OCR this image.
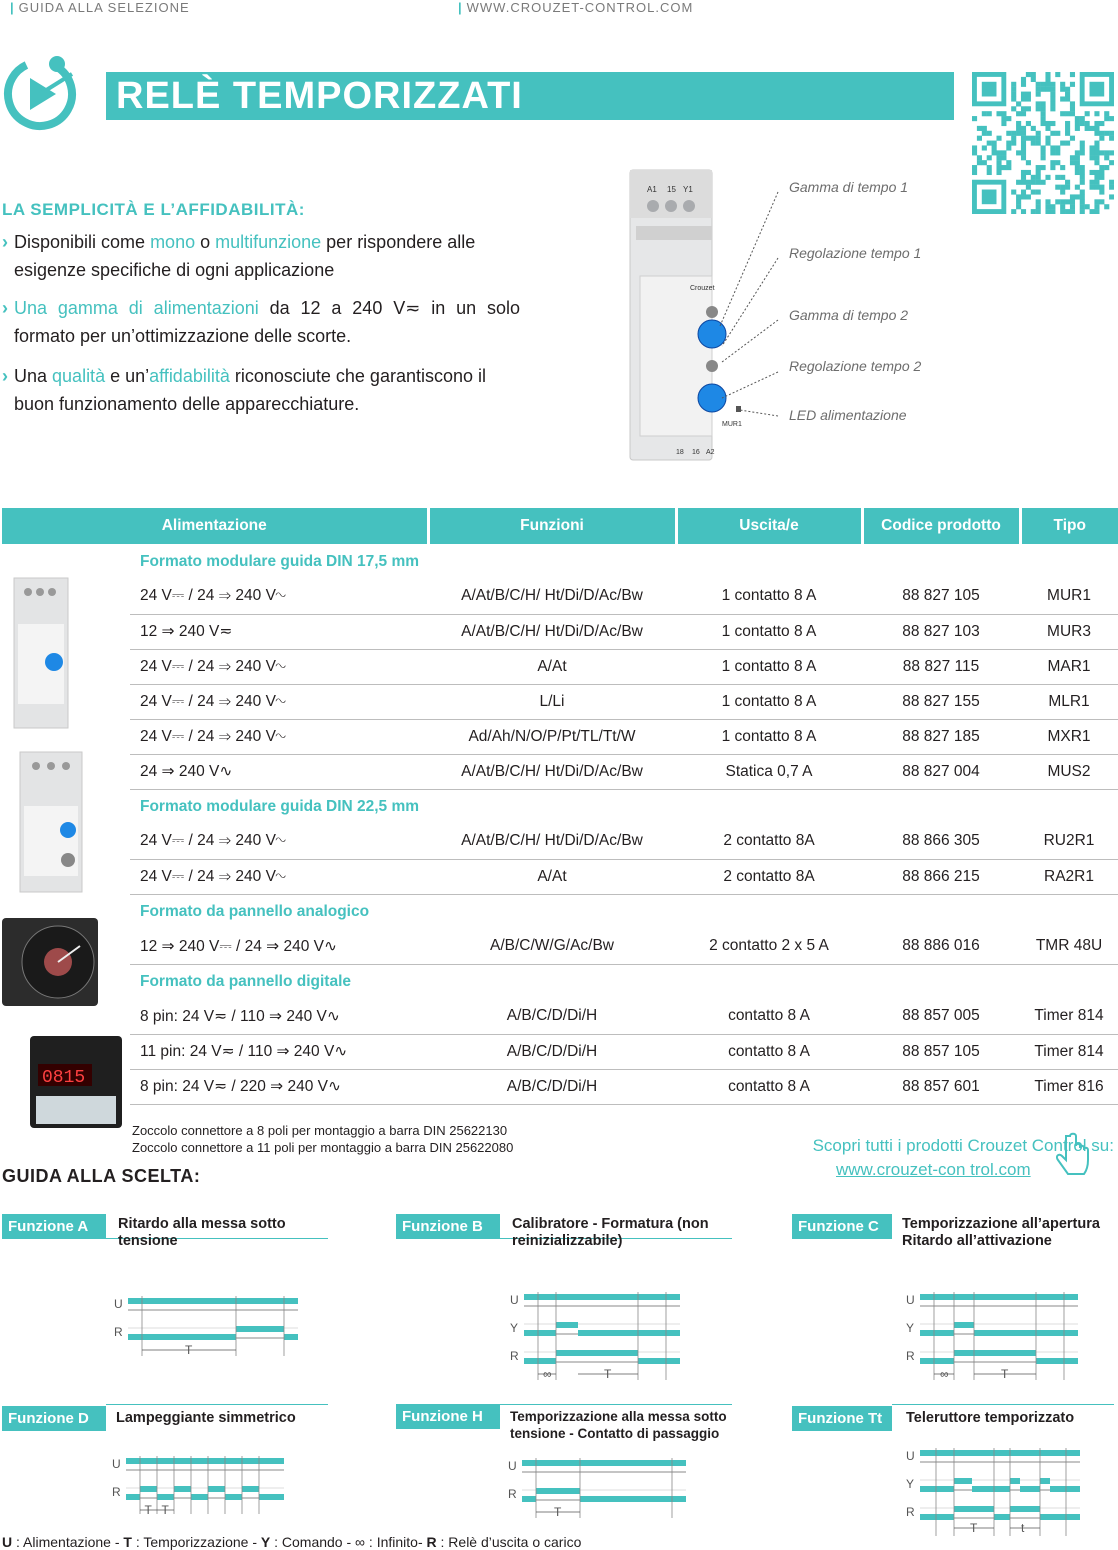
| GUIDA ALLA SELEZIONE	| WWW.CROUZET-CONTROL.COM
RELÈ TEMPORIZZATI
LA SEMPLICITÀ E L’AFFIDABILITÀ:
› Disponibili come mono o multifunzione per rispondere alle esigenze specifiche di ogni applicazione
› Una gamma di alimentazioni da 12 a 240 V≂ in un solo formato per un’ottimizzazione delle scorte.
› Una qualità e un’affidabilità riconosciute che garantiscono il buon funzionamento delle apparecchiature.
A1 15 Y1
Crouzet
18 16 A2
MUR1
Gamma di tempo 1
Regolazione tempo 1
Gamma di tempo 2
Regolazione tempo 2
LED alimentazione
Alimentazione		Funzioni	Uscita/e	Codice prodotto	Tipo
	Formato modulare guida DIN 17,5 mm				
	24 V⎓ / 24 ⇒ 240 V∿	A/At/B/C/H/ Ht/Di/D/Ac/Bw	1 contatto 8 A	88 827 105	MUR1
	12 ⇒ 240 V≂	A/At/B/C/H/ Ht/Di/D/Ac/Bw	1 contatto 8 A	88 827 103	MUR3
	24 V⎓ / 24 ⇒ 240 V∿	A/At	1 contatto 8 A	88 827 115	MAR1
	24 V⎓ / 24 ⇒ 240 V∿	L/Li	1 contatto 8 A	88 827 155	MLR1
	24 V⎓ / 24 ⇒ 240 V∿	Ad/Ah/N/O/P/Pt/TL/Tt/W	1 contatto 8 A	88 827 185	MXR1
	24 ⇒ 240 V∿	A/At/B/C/H/ Ht/Di/D/Ac/Bw	Statica 0,7 A	88 827 004	MUS2
	Formato modulare guida DIN 22,5 mm				
	24 V⎓ / 24 ⇒ 240 V∿	A/At/B/C/H/ Ht/Di/D/Ac/Bw	2 contatto 8A	88 866 305	RU2R1
	24 V⎓ / 24 ⇒ 240 V∿	A/At	2 contatto 8A	88 866 215	RA2R1
	Formato da pannello analogico				
	12 ⇒ 240 V⎓ / 24 ⇒ 240 V∿	A/B/C/W/G/Ac/Bw	2 contatto 2 x 5 A	88 886 016	TMR 48U
	Formato da pannello digitale				
	8 pin: 24 V≂ / 110 ⇒ 240 V∿	A/B/C/D/Di/H	contatto 8 A	88 857 005	Timer 814
	11 pin: 24 V≂ / 110 ⇒ 240 V∿	A/B/C/D/Di/H	contatto 8 A	88 857 105	Timer 814
	8 pin: 24 V≂ / 220 ⇒ 240 V∿	A/B/C/D/Di/H	contatto 8 A	88 857 601	Timer 816
0815
Zoccolo connettore a 8 poli per montaggio a barra DIN 25622130
Zoccolo connettore a 11 poli per montaggio a barra DIN 25622080	Scopri tutti i prodotti Crouzet Control su:
www.crouzet-con trol.com
GUIDA ALLA SCELTA:
Funzione A	Ritardo alla messa sotto tensione
Funzione B	Calibratore - Formatura (non reinizializzabile)
Funzione C	Temporizzazione all’apertura Ritardo all’attivazione
Funzione D	Lampeggiante simmetrico	Funzione H	Temporizzazione alla messa sotto tensione - Contatto di passaggio
Funzione Tt	Teleruttore temporizzato
U
R
T
U
Y
R
∞	T
U
Y
R
∞	T
U
R
T T
U
R
T
U
Y
R
T	t
U : Alimentazione - T : Temporizzazione - Y : Comando - ∞ : Infinito- R : Relè d’uscita o carico
